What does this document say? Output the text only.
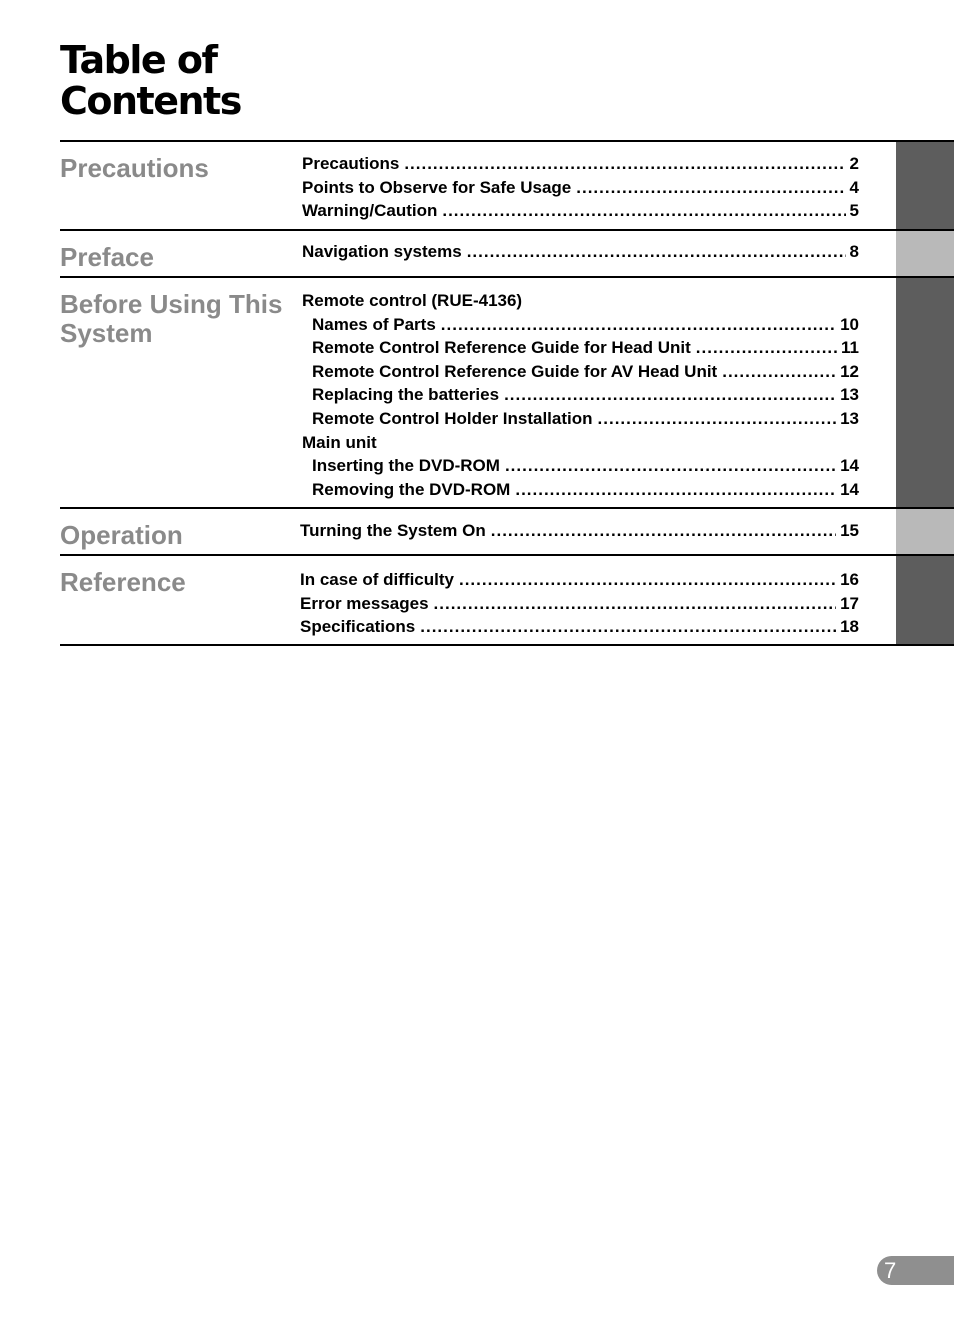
Table of
Contents
Precautions	Precautions .....	2
Points to Observe for Safe Usage .....	4
Warning/Caution .....	5
Preface	Navigation systems .....	8
Before Using This
System
Remote control (RUE-4136)
Names of Parts .....	10
Remote Control Reference Guide for Head Unit .....	11
Remote Control Reference Guide for AV Head Unit .....	12
Replacing the batteries .....	13
Remote Control Holder Installation .....	13
Main unit
Inserting the DVD-ROM .....	14
Removing the DVD-ROM .....	14
Operation	Turning the System On .....	15
Reference	In case of difficulty .....	16
Error messages .....	17
Specifications .....	18
7
